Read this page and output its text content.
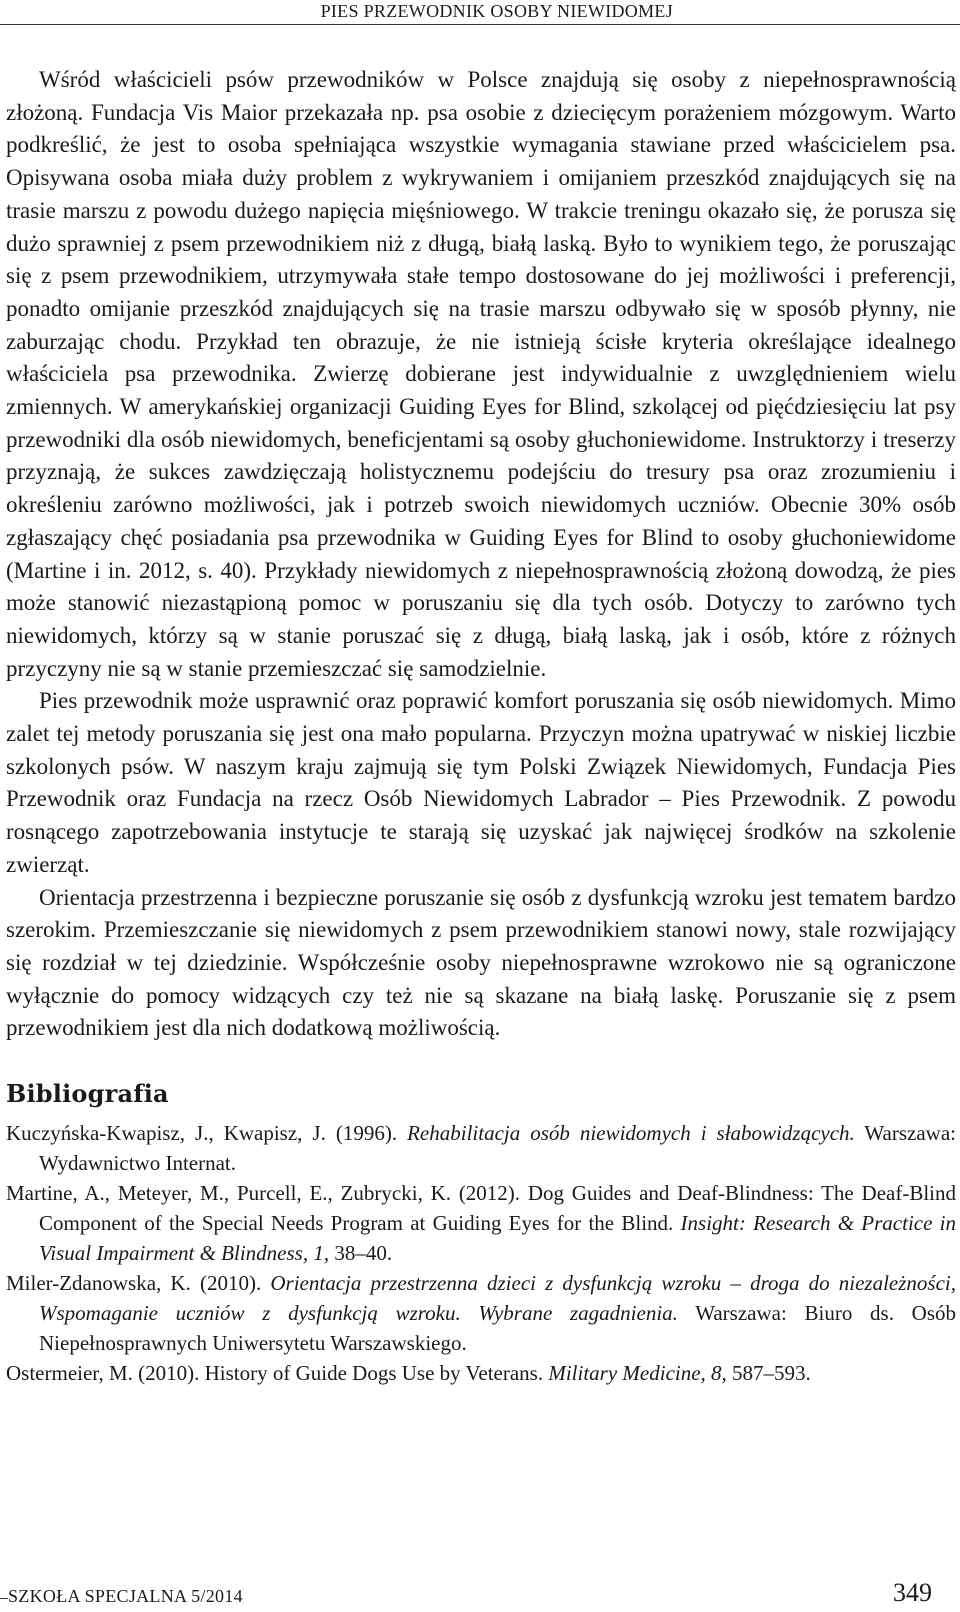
PIES PRZEWODNIK OSOBY NIEWIDOMEJ

Wśród właścicieli psów przewodników w Polsce znajdują się osoby z niepełnosprawnością złożoną. Fundacja Vis Maior przekazała np. psa osobie z dziecięcym porażeniem mózgowym. Warto podkreślić, że jest to osoba spełniająca wszystkie wymagania stawiane przed właścicielem psa. Opisywana osoba miała duży problem z wykrywaniem i omijaniem przeszkód znajdujących się na trasie marszu z powodu dużego napięcia mięśniowego. W trakcie treningu okazało się, że porusza się dużo sprawniej z psem przewodnikiem niż z długą, białą laską. Było to wynikiem tego, że poruszając się z psem przewodnikiem, utrzymywała stałe tempo dostosowane do jej możliwości i preferencji, ponadto omijanie przeszkód znajdujących się na trasie marszu odbywało się w sposób płynny, nie zaburzając chodu. Przykład ten obrazuje, że nie istnieją ścisłe kryteria określające idealnego właściciela psa przewodnika. Zwierzę dobierane jest indywidualnie z uwzględnieniem wielu zmiennych. W amerykańskiej organizacji Guiding Eyes for Blind, szkolącej od pięćdziesięciu lat psy przewodniki dla osób niewidomych, beneficjentami są osoby głuchoniewidome. Instruktorzy i treserzy przyznają, że sukces zawdzięczają holistycznemu podejściu do tresury psa oraz zrozumieniu i określeniu zarówno możliwości, jak i potrzeb swoich niewidomych uczniów. Obecnie 30% osób zgłaszający chęć posiadania psa przewodnika w Guiding Eyes for Blind to osoby głuchoniewidome (Martine i in. 2012, s. 40). Przykłady niewidomych z niepełnosprawnością złożoną dowodzą, że pies może stanowić niezastąpioną pomoc w poruszaniu się dla tych osób. Dotyczy to zarówno tych niewidomych, którzy są w stanie poruszać się z długą, białą laską, jak i osób, które z różnych przyczyny nie są w stanie przemieszczać się samodzielnie.

Pies przewodnik może usprawnić oraz poprawić komfort poruszania się osób niewidomych. Mimo zalet tej metody poruszania się jest ona mało popularna. Przyczyn można upatrywać w niskiej liczbie szkolonych psów. W naszym kraju zajmują się tym Polski Związek Niewidomych, Fundacja Pies Przewodnik oraz Fundacja na rzecz Osób Niewidomych Labrador – Pies Przewodnik. Z powodu rosnącego zapotrzebowania instytucje te starają się uzyskać jak najwięcej środków na szkolenie zwierząt.

Orientacja przestrzenna i bezpieczne poruszanie się osób z dysfunkcją wzroku jest tematem bardzo szerokim. Przemieszczanie się niewidomych z psem przewodnikiem stanowi nowy, stale rozwijający się rozdział w tej dziedzinie. Współcześnie osoby niepełnosprawne wzrokowo nie są ograniczone wyłącznie do pomocy widzących czy też nie są skazane na białą laskę. Poruszanie się z psem przewodnikiem jest dla nich dodatkową możliwością.

Bibliografia
Kuczyńska-Kwapisz, J., Kwapisz, J. (1996). Rehabilitacja osób niewidomych i słabowidzących. Warszawa: Wydawnictwo Internat.
Martine, A., Meteyer, M., Purcell, E., Zubrycki, K. (2012). Dog Guides and Deaf-Blindness: The Deaf-Blind Component of the Special Needs Program at Guiding Eyes for the Blind. Insight: Research & Practice in Visual Impairment & Blindness, 1, 38–40.
Miler-Zdanowska, K. (2010). Orientacja przestrzenna dzieci z dysfunkcją wzroku – droga do niezależności, Wspomaganie uczniów z dysfunkcją wzroku. Wybrane zagadnienia. Warszawa: Biuro ds. Osób Niepełnosprawnych Uniwersytetu Warszawskiego.
Ostermeier, M. (2010). History of Guide Dogs Use by Veterans. Military Medicine, 8, 587–593.
SZKOŁA SPECJALNA 5/2014	349
